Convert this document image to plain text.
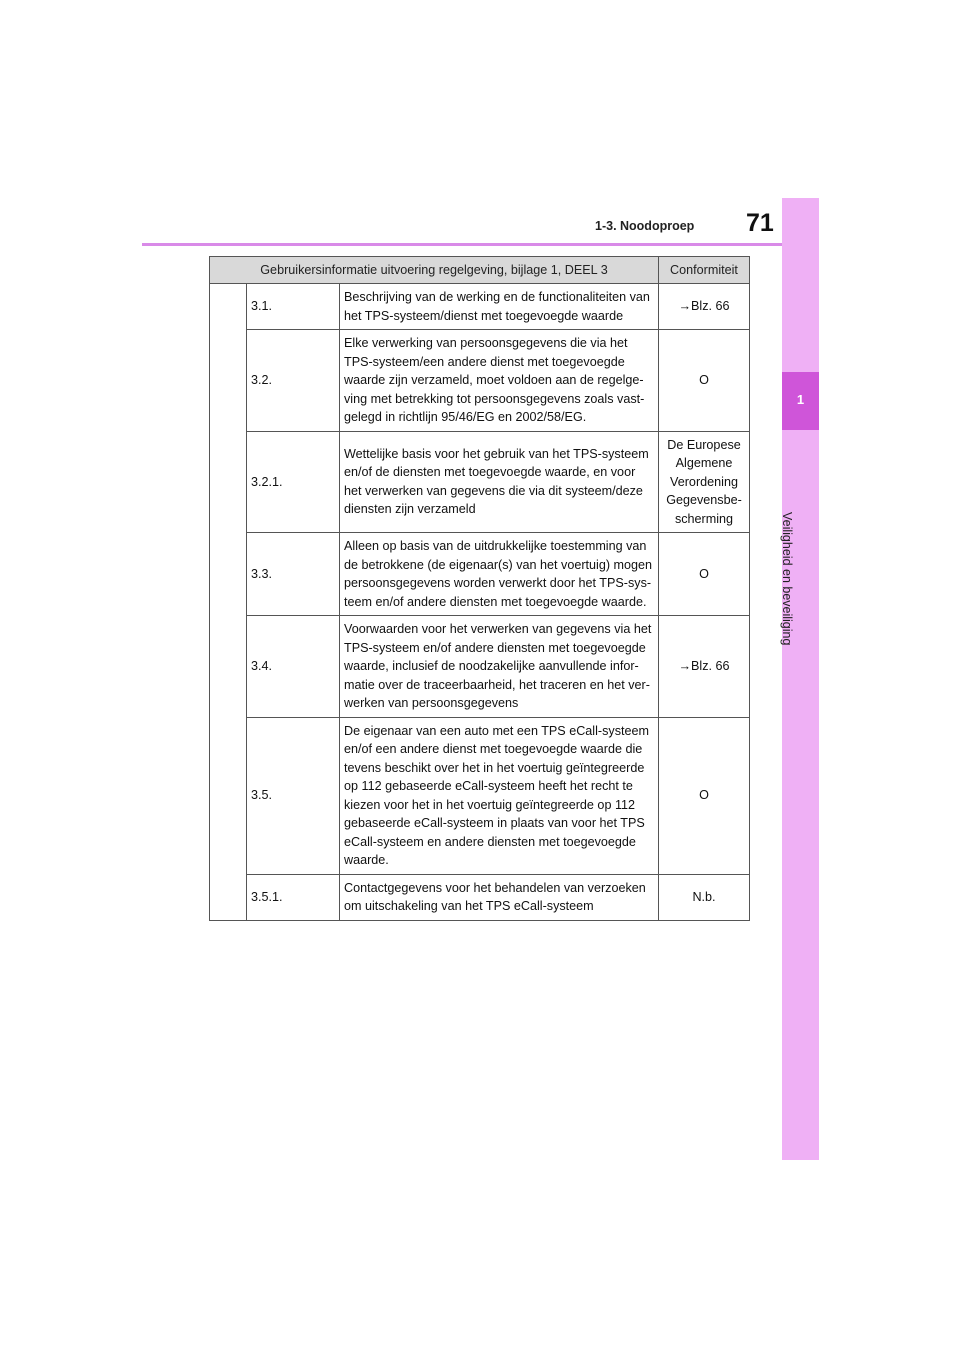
1-3. Noodoproep 71
1
Veiligheid en beveiliging
Gebruikersinformatie uitvoering regelgeving, bijlage 1, DEEL 3			Conformiteit
	3.1.	Beschrijving van de werking en de functionaliteiten van het TPS-systeem/dienst met toegevoegde waarde	→Blz. 66
	3.2.	Elke verwerking van persoonsgegevens die via het TPS-systeem/een andere dienst met toegevoegde waarde zijn verzameld, moet voldoen aan de regelge-ving met betrekking tot persoonsgegevens zoals vast-gelegd in richtlijn 95/46/EG en 2002/58/EG.	O
	3.2.1.	Wettelijke basis voor het gebruik van het TPS-systeem en/of de diensten met toegevoegde waarde, en voor het verwerken van gegevens die via dit systeem/deze diensten zijn verzameld	De Europese Algemene Verordening Gegevensbe-scherming
	3.3.	Alleen op basis van de uitdrukkelijke toestemming van de betrokkene (de eigenaar(s) van het voertuig) mogen persoonsgegevens worden verwerkt door het TPS-sys-teem en/of andere diensten met toegevoegde waarde.	O
	3.4.	Voorwaarden voor het verwerken van gegevens via het TPS-systeem en/of andere diensten met toegevoegde waarde, inclusief de noodzakelijke aanvullende infor-matie over de traceerbaarheid, het traceren en het ver-werken van persoonsgegevens	→Blz. 66
	3.5.	De eigenaar van een auto met een TPS eCall-systeem en/of een andere dienst met toegevoegde waarde die tevens beschikt over het in het voertuig geïntegreerde op 112 gebaseerde eCall-systeem heeft het recht te kiezen voor het in het voertuig geïntegreerde op 112 gebaseerde eCall-systeem in plaats van voor het TPS eCall-systeem en andere diensten met toegevoegde waarde.	O
	3.5.1.	Contactgegevens voor het behandelen van verzoeken om uitschakeling van het TPS eCall-systeem	N.b.
